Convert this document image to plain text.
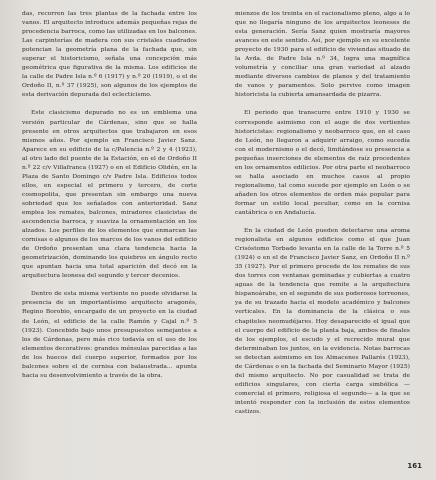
das, recorren las tres plantas de la fachada entre los vanos. El arquitecto introduce además pequeñas rejas de procedencia barroca, como las utilizadas en los balcones. Las carpinterías de madera con sus cristales cuadrados potencian la geometría plana de la fachada que, sin superar el historicismo, señala una concepción más geométrica que figurativa de la misma. Los edificios de la calle de Padre Isla n.º 6 (1917) y n.º 20 (1919), o el de Ordoño II, n.º 37 (1925), son algunos de los ejemplos de esta derivación depurada del eclecticismo.

Este clasicismo depurado no es un emblema una versión particular de Cárdenas, sino que se halla presente en otros arquitectos que trabajaron en esos mismos años. Por ejemplo en Francisco Javier Sanz. Aparece en su edificio de la c/Palencia n.º 2 y 4 (1923), al otro lado del puente de la Estación, en el de Ordoño II n.º 22 c/v Villafranca (1927) o en el Edificio Olidén, en la Plaza de Santo Domingo c/v Padre Isla. Edificios todos ellos, en especial el primero y tercero, de corte cosmopolita, que presentan sin embargo una nueva sobriedad que los señalados con anterioridad. Sanz emplea los remates, balcones, miradores clasicistas de ascendencia barroca, y suaviza la ornamentación en los alzados. Los perfiles de los elementos que enmarcan las cornisas o algunos de los marcos de los vanos del edificio de Ordoño presentan una clara tendencia hacia la geometrización, dominando los quiebros en ángulo recto que apuntan hacia una total aparición del decó en la arquitectura leonesa del segundo y tercer decenios.

Dentro de esta misma vertiente no puede olvidarse la presencia de un importantísimo arquitecto aragonés, Regino Borobio, encargado de un proyecto en la ciudad de León, el edificio de la calle Ramón y Cajal n.º 5 (1923). Concebido bajo unos presupuestos semejantes a los de Cárdenas, pero más rico todavía en el uso de los elementos decorativos: grandes ménsulas parecidas a las de los huecos del cuerpo superior, formados por los balcones sobre el de cornisa con balaustrada... apunta hacia su desenvolvimiento a través de la obra.

mienzos de los treinta en el racionalismo pleno, algo a lo que no llegaría ninguno de los arquitectos leoneses de esta generación. Sería Sanz quien mostraría mayores avances en este sentido. Así, por ejemplo en su excelente proyecto de 1930 para el edificio de viviendas situado de la Avda. de Padre Isla n.º 34, logra una magnífica volumetría y conciliar una gran variedad al alzado mediante diversos cambios de planos y del tratamiento de vanos y paramentos. Solo pervive como imagen historicista la cubierta amansardada de pizarra.

El periodo que transcurre entre 1910 y 1930 se corresponde asimismo con el auge de dos vertientes historicistas: regionalismo y neobarroco que, en el caso de León, no llegaron a adquirir arraigo, como sucedía con el modernismo o el decó, limitándose su presencia a pequeñas inserciones de elementos de raíz procedentes en los ornamentos edilicios. Por otra parte el neobarroco se halla asociado en muchos casos al propio regionalismo, tal como sucede por ejemplo en León o se añaden los otros elementos de orden más popular para formar un estilo local peculiar, como en la cornisa cantábrica o en Andalucía.

En la ciudad de León pueden detectarse una aroma regionalista en algunos edificios como el que Juan Crisóstomo Torbado levanta en la calle de la Torre n.º 5 (1924) o en el de Francisco Javier Sanz, en Ordoño II n.º 35 (1927). Por el primero procede de los remates de sus dos torres con ventanas geminadas y cubiertas a cuatro aguas de la tendencia que remite a la arquitectura hispanoárabe, en el segundo de sus poderosos torreones, ya de su trazado hacia el modelo académico y balcones verticales. En la dominancia de la clásica o sus chapiteles neomudéjares. Hoy desaparecido el igual que el cuerpo del edificio de la planta baja, ambos de finales de los ejemplos, el escudo y el recrecido mural que determinaban los juntos, en la evidencia. Notas barrocas se detectan asimismo en los Almacenes Pallarés (1923), de Cárdenas o en la fachada del Seminario Mayor (1925) del mismo arquitecto. No por casualidad se trata de edificios singulares, con cierta carga simbólica —comercial el primero, religiosa el segundo— a la que se intentó responder con la inclusión de estos elementos castizos.

161
